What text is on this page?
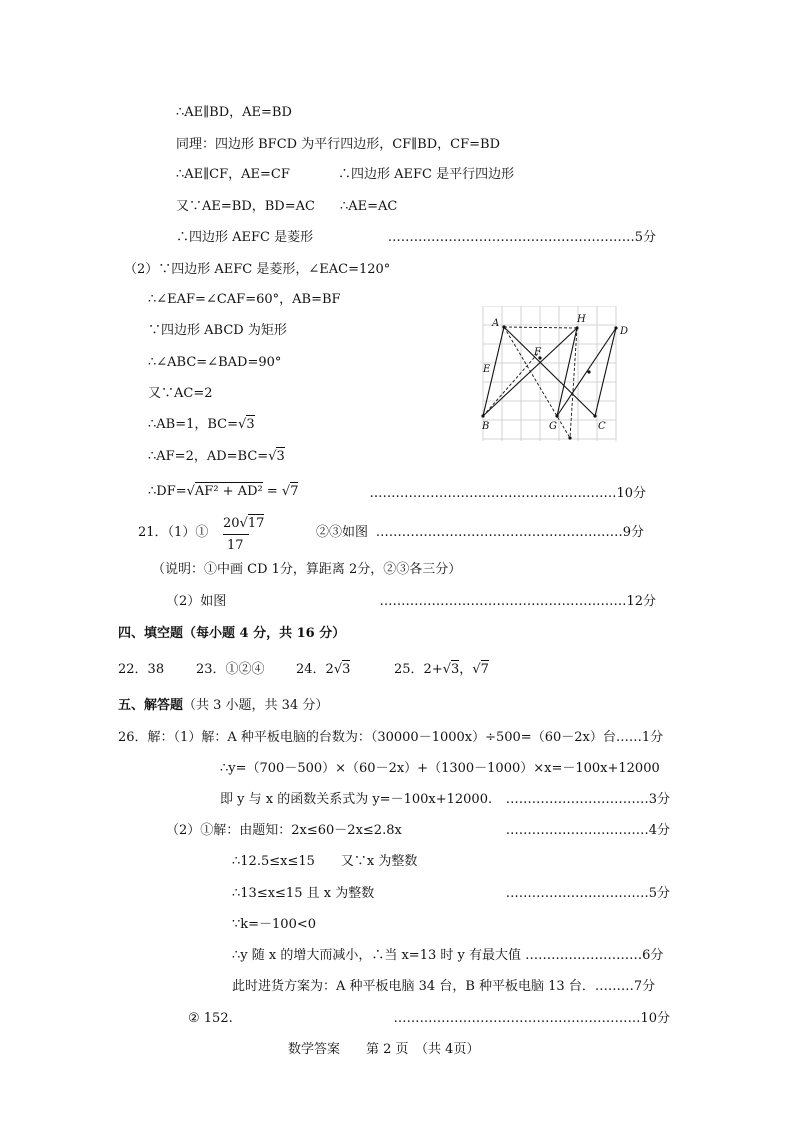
∴AE∥BD，AE=BD
同理：四边形 BFCD 为平行四边形，CF∥BD，CF=BD
∴AE∥CF，AE=CF	∴四边形 AEFC 是平行四边形
又∵AE=BD，BD=AC ∴AE=AC
∴四边形 AEFC 是菱形	…………………………………………………5分
（2）∵四边形 AEFC 是菱形，∠EAC=120°
∴∠EAF=∠CAF=60°，AB=BF
∵四边形 ABCD 为矩形
∴∠ABC=∠BAD=90°
又∵AC=2
∴AB=1，BC=√3
∴AF=2，AD=BC=√3
∴DF=√AF² + AD² = √7	…………………………………………………10分
A	H
D
F
E
B	G	C
21．（1）①
20√17
17
②③如图 …………………………………………………9分
（说明：①中画 CD 1分，算距离 2分，②③各三分）
（2）如图	…………………………………………………12分
四、填空题（每小题 4 分，共 16 分）
22．38 23．①②④ 24．2√3	25．2+√3，√7
五、解答题（共 3 小题，共 34 分）
26．解：（1）解：A 种平板电脑的台数为：（30000－1000x）÷500=（60－2x）台……1分
∴y=（700－500）×（60－2x）+（1300－1000）×x=－100x+12000
即 y 与 x 的函数关系式为 y=－100x+12000. ……………………………3分
（2）①解：由题知：2x≤60－2x≤2.8x	……………………………4分
∴12.5≤x≤15　　又∵x 为整数
∴13≤x≤15 且 x 为整数	……………………………5分
∵k=－100<0
∴y 随 x 的增大而减小，∴当 x=13 时 y 有最大值 ………………………6分
此时进货方案为：A 种平板电脑 34 台，B 种平板电脑 13 台．………7分
② 152.	…………………………………………………10分
数学答案　　第 2 页　（共 4页）
